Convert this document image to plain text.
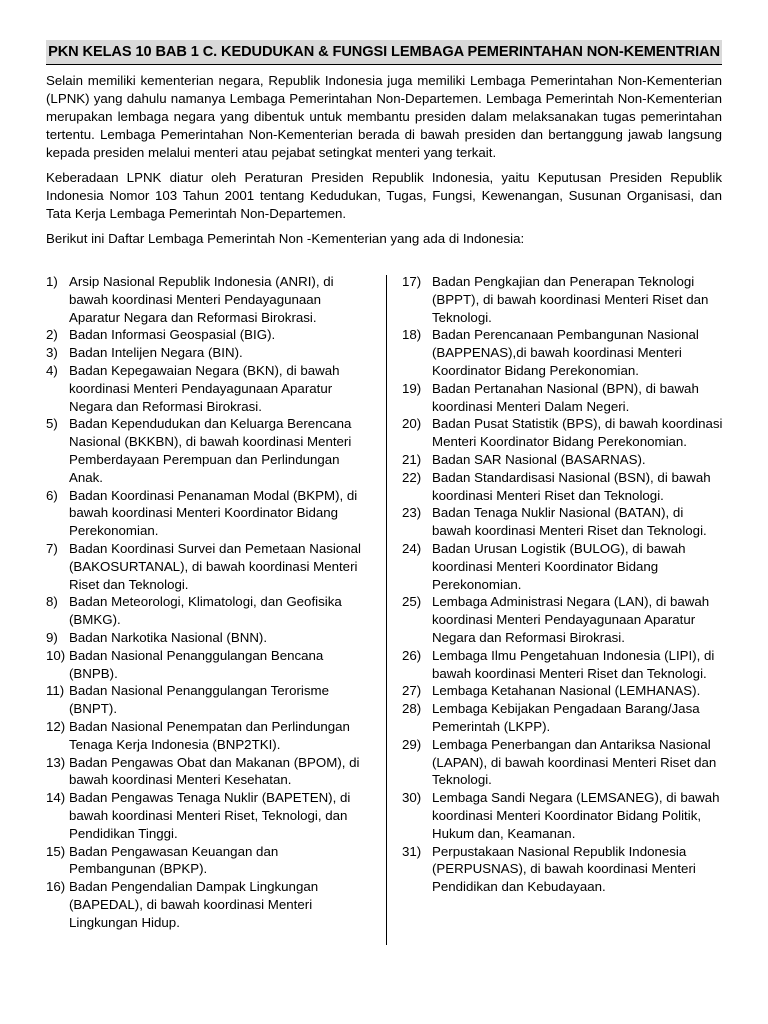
PKN KELAS 10 BAB 1 C. KEDUDUKAN & FUNGSI LEMBAGA PEMERINTAHAN NON-KEMENTRIAN

Selain memiliki kementerian negara, Republik Indonesia juga memiliki Lembaga Pemerintahan Non-Kementerian (LPNK) yang dahulu namanya Lembaga Pemerintahan Non-Departemen. Lembaga Pemerintah Non-Kementerian merupakan lembaga negara yang dibentuk untuk membantu presiden dalam melaksanakan tugas pemerintahan tertentu. Lembaga Pemerintahan Non-Kementerian berada di bawah presiden dan bertanggung jawab langsung kepada presiden melalui menteri atau pejabat setingkat menteri yang terkait.

Keberadaan LPNK diatur oleh Peraturan Presiden Republik Indonesia, yaitu Keputusan Presiden Republik Indonesia Nomor 103 Tahun 2001 tentang Kedudukan, Tugas, Fungsi, Kewenangan, Susunan Organisasi, dan Tata Kerja Lembaga Pemerintah Non-Departemen.

Berikut ini Daftar Lembaga Pemerintah Non -Kementerian yang ada di Indonesia:

1) Arsip Nasional Republik Indonesia (ANRI), di bawah koordinasi Menteri Pendayagunaan Aparatur Negara dan Reformasi Birokrasi.
2) Badan Informasi Geospasial (BIG).
3) Badan Intelijen Negara (BIN).
4) Badan Kepegawaian Negara (BKN), di bawah koordinasi Menteri Pendayagunaan Aparatur Negara dan Reformasi Birokrasi.
5) Badan Kependudukan dan Keluarga Berencana Nasional (BKKBN), di bawah koordinasi Menteri Pemberdayaan Perempuan dan Perlindungan Anak.
6) Badan Koordinasi Penanaman Modal (BKPM), di bawah koordinasi Menteri Koordinator Bidang Perekonomian.
7) Badan Koordinasi Survei dan Pemetaan Nasional (BAKOSURTANAL), di bawah koordinasi Menteri Riset dan Teknologi.
8) Badan Meteorologi, Klimatologi, dan Geofisika (BMKG).
9) Badan Narkotika Nasional (BNN).
10) Badan Nasional Penanggulangan Bencana (BNPB).
11) Badan Nasional Penanggulangan Terorisme (BNPT).
12) Badan Nasional Penempatan dan Perlindungan Tenaga Kerja Indonesia (BNP2TKI).
13) Badan Pengawas Obat dan Makanan (BPOM), di bawah koordinasi Menteri Kesehatan.
14) Badan Pengawas Tenaga Nuklir (BAPETEN), di bawah koordinasi Menteri Riset, Teknologi, dan Pendidikan Tinggi.
15) Badan Pengawasan Keuangan dan Pembangunan (BPKP).
16) Badan Pengendalian Dampak Lingkungan (BAPEDAL), di bawah koordinasi Menteri Lingkungan Hidup.
17) Badan Pengkajian dan Penerapan Teknologi (BPPT), di bawah koordinasi Menteri Riset dan Teknologi.
18) Badan Perencanaan Pembangunan Nasional (BAPPENAS),di bawah koordinasi Menteri Koordinator Bidang Perekonomian.
19) Badan Pertanahan Nasional (BPN), di bawah koordinasi Menteri Dalam Negeri.
20) Badan Pusat Statistik (BPS), di bawah koordinasi Menteri Koordinator Bidang Perekonomian.
21) Badan SAR Nasional (BASARNAS).
22) Badan Standardisasi Nasional (BSN), di bawah koordinasi Menteri Riset dan Teknologi.
23) Badan Tenaga Nuklir Nasional (BATAN), di bawah koordinasi Menteri Riset dan Teknologi.
24) Badan Urusan Logistik (BULOG), di bawah koordinasi Menteri Koordinator Bidang Perekonomian.
25) Lembaga Administrasi Negara (LAN), di bawah koordinasi Menteri Pendayagunaan Aparatur Negara dan Reformasi Birokrasi.
26) Lembaga Ilmu Pengetahuan Indonesia (LIPI), di bawah koordinasi Menteri Riset dan Teknologi.
27) Lembaga Ketahanan Nasional (LEMHANAS).
28) Lembaga Kebijakan Pengadaan Barang/Jasa Pemerintah (LKPP).
29) Lembaga Penerbangan dan Antariksa Nasional (LAPAN), di bawah koordinasi Menteri Riset dan Teknologi.
30) Lembaga Sandi Negara (LEMSANEG), di bawah koordinasi Menteri Koordinator Bidang Politik, Hukum dan, Keamanan.
31) Perpustakaan Nasional Republik Indonesia (PERPUSNAS), di bawah koordinasi Menteri Pendidikan dan Kebudayaan.
